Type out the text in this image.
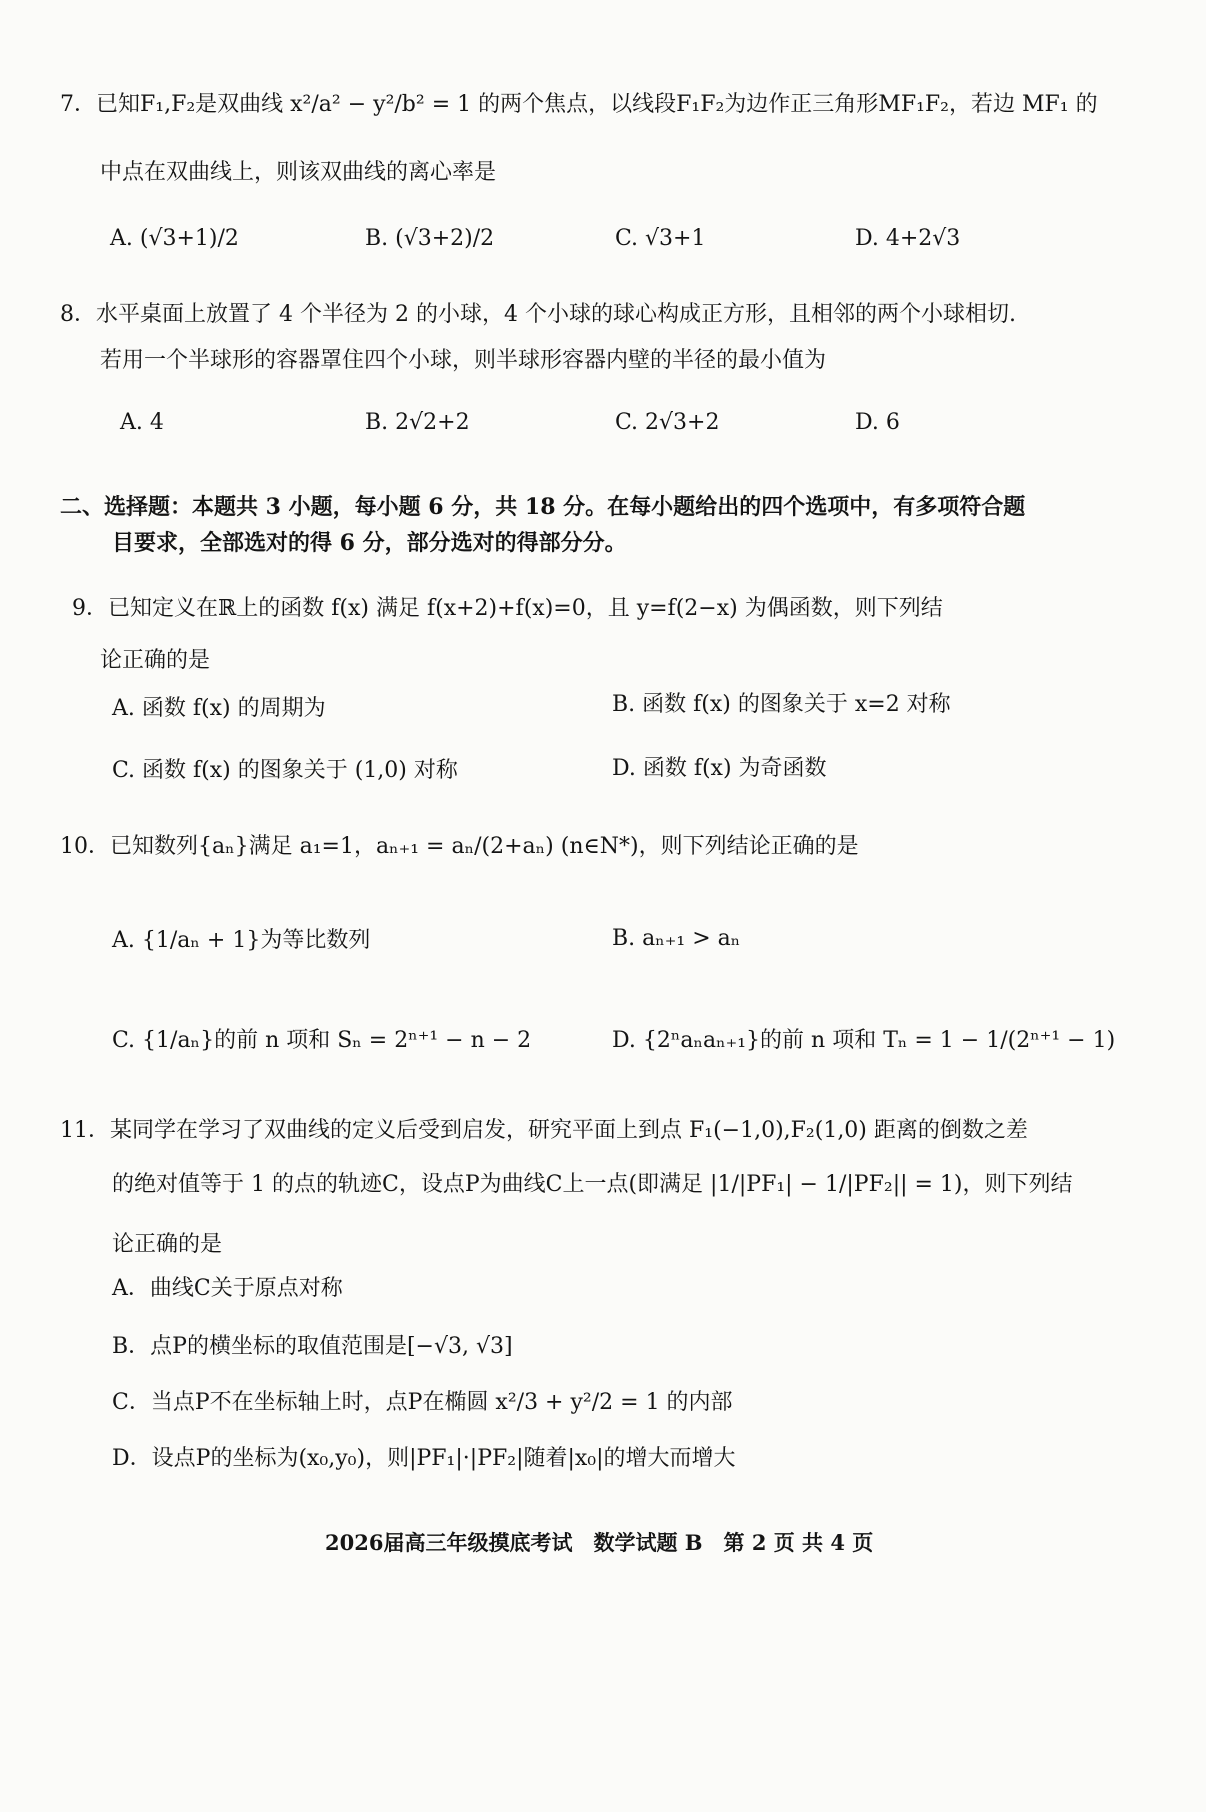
7．已知F₁,F₂是双曲线 x²/a² − y²/b² = 1 的两个焦点，以线段F₁F₂为边作正三角形MF₁F₂，若边 MF₁ 的
中点在双曲线上，则该双曲线的离心率是
A. (√3+1)/2	B. (√3+2)/2	C. √3+1	D. 4+2√3
8．水平桌面上放置了 4 个半径为 2 的小球，4 个小球的球心构成正方形，且相邻的两个小球相切.
若用一个半球形的容器罩住四个小球，则半球形容器内壁的半径的最小值为
A. 4	B. 2√2+2	C. 2√3+2	D. 6
二、选择题：本题共 3 小题，每小题 6 分，共 18 分。在每小题给出的四个选项中，有多项符合题
目要求，全部选对的得 6 分，部分选对的得部分分。
9．已知定义在ℝ上的函数 f(x) 满足 f(x+2)+f(x)=0，且 y=f(2−x) 为偶函数，则下列结
论正确的是
A. 函数 f(x) 的周期为	B. 函数 f(x) 的图象关于 x=2 对称
C. 函数 f(x) 的图象关于 (1,0) 对称	D. 函数 f(x) 为奇函数
10．已知数列{aₙ}满足 a₁=1，aₙ₊₁ = aₙ/(2+aₙ) (n∈N*)，则下列结论正确的是
A. {1/aₙ + 1}为等比数列	B. aₙ₊₁ > aₙ
C. {1/aₙ}的前 n 项和 Sₙ = 2ⁿ⁺¹ − n − 2	D. {2ⁿaₙaₙ₊₁}的前 n 项和 Tₙ = 1 − 1/(2ⁿ⁺¹ − 1)
11．某同学在学习了双曲线的定义后受到启发，研究平面上到点 F₁(−1,0),F₂(1,0) 距离的倒数之差
的绝对值等于 1 的点的轨迹C，设点P为曲线C上一点(即满足 |1/|PF₁| − 1/|PF₂|| = 1)，则下列结
论正确的是
A．曲线C关于原点对称
B．点P的横坐标的取值范围是[−√3, √3]
C．当点P不在坐标轴上时，点P在椭圆 x²/3 + y²/2 = 1 的内部
D．设点P的坐标为(x₀,y₀)，则|PF₁|·|PF₂|随着|x₀|的增大而增大
2026届高三年级摸底考试　数学试题 B　第 2 页 共 4 页
